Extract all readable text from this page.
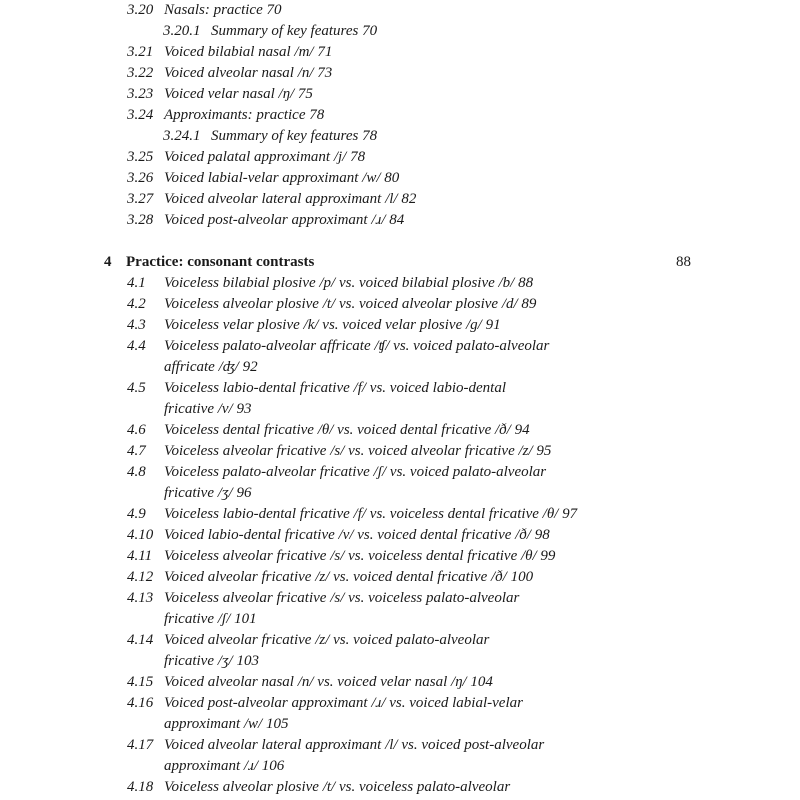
3.20 Nasals: practice 70
3.20.1 Summary of key features 70
3.21 Voiced bilabial nasal /m/ 71
3.22 Voiced alveolar nasal /n/ 73
3.23 Voiced velar nasal /ŋ/ 75
3.24 Approximants: practice 78
3.24.1 Summary of key features 78
3.25 Voiced palatal approximant /j/ 78
3.26 Voiced labial-velar approximant /w/ 80
3.27 Voiced alveolar lateral approximant /l/ 82
3.28 Voiced post-alveolar approximant /ɹ/ 84
4 Practice: consonant contrasts	88
4.1 Voiceless bilabial plosive /p/ vs. voiced bilabial plosive /b/ 88
4.2 Voiceless alveolar plosive /t/ vs. voiced alveolar plosive /d/ 89
4.3 Voiceless velar plosive /k/ vs. voiced velar plosive /g/ 91
4.4 Voiceless palato-alveolar affricate /ʧ/ vs. voiced palato-alveolar
affricate /ʤ/ 92
4.5 Voiceless labio-dental fricative /f/ vs. voiced labio-dental
fricative /v/ 93
4.6 Voiceless dental fricative /θ/ vs. voiced dental fricative /ð/ 94
4.7 Voiceless alveolar fricative /s/ vs. voiced alveolar fricative /z/ 95
4.8 Voiceless palato-alveolar fricative /ʃ/ vs. voiced palato-alveolar
fricative /ʒ/ 96
4.9 Voiceless labio-dental fricative /f/ vs. voiceless dental fricative /θ/ 97
4.10 Voiced labio-dental fricative /v/ vs. voiced dental fricative /ð/ 98
4.11 Voiceless alveolar fricative /s/ vs. voiceless dental fricative /θ/ 99
4.12 Voiced alveolar fricative /z/ vs. voiced dental fricative /ð/ 100
4.13 Voiceless alveolar fricative /s/ vs. voiceless palato-alveolar
fricative /ʃ/ 101
4.14 Voiced alveolar fricative /z/ vs. voiced palato-alveolar
fricative /ʒ/ 103
4.15 Voiced alveolar nasal /n/ vs. voiced velar nasal /ŋ/ 104
4.16 Voiced post-alveolar approximant /ɹ/ vs. voiced labial-velar
approximant /w/ 105
4.17 Voiced alveolar lateral approximant /l/ vs. voiced post-alveolar
approximant /ɹ/ 106
4.18 Voiceless alveolar plosive /t/ vs. voiceless palato-alveolar
